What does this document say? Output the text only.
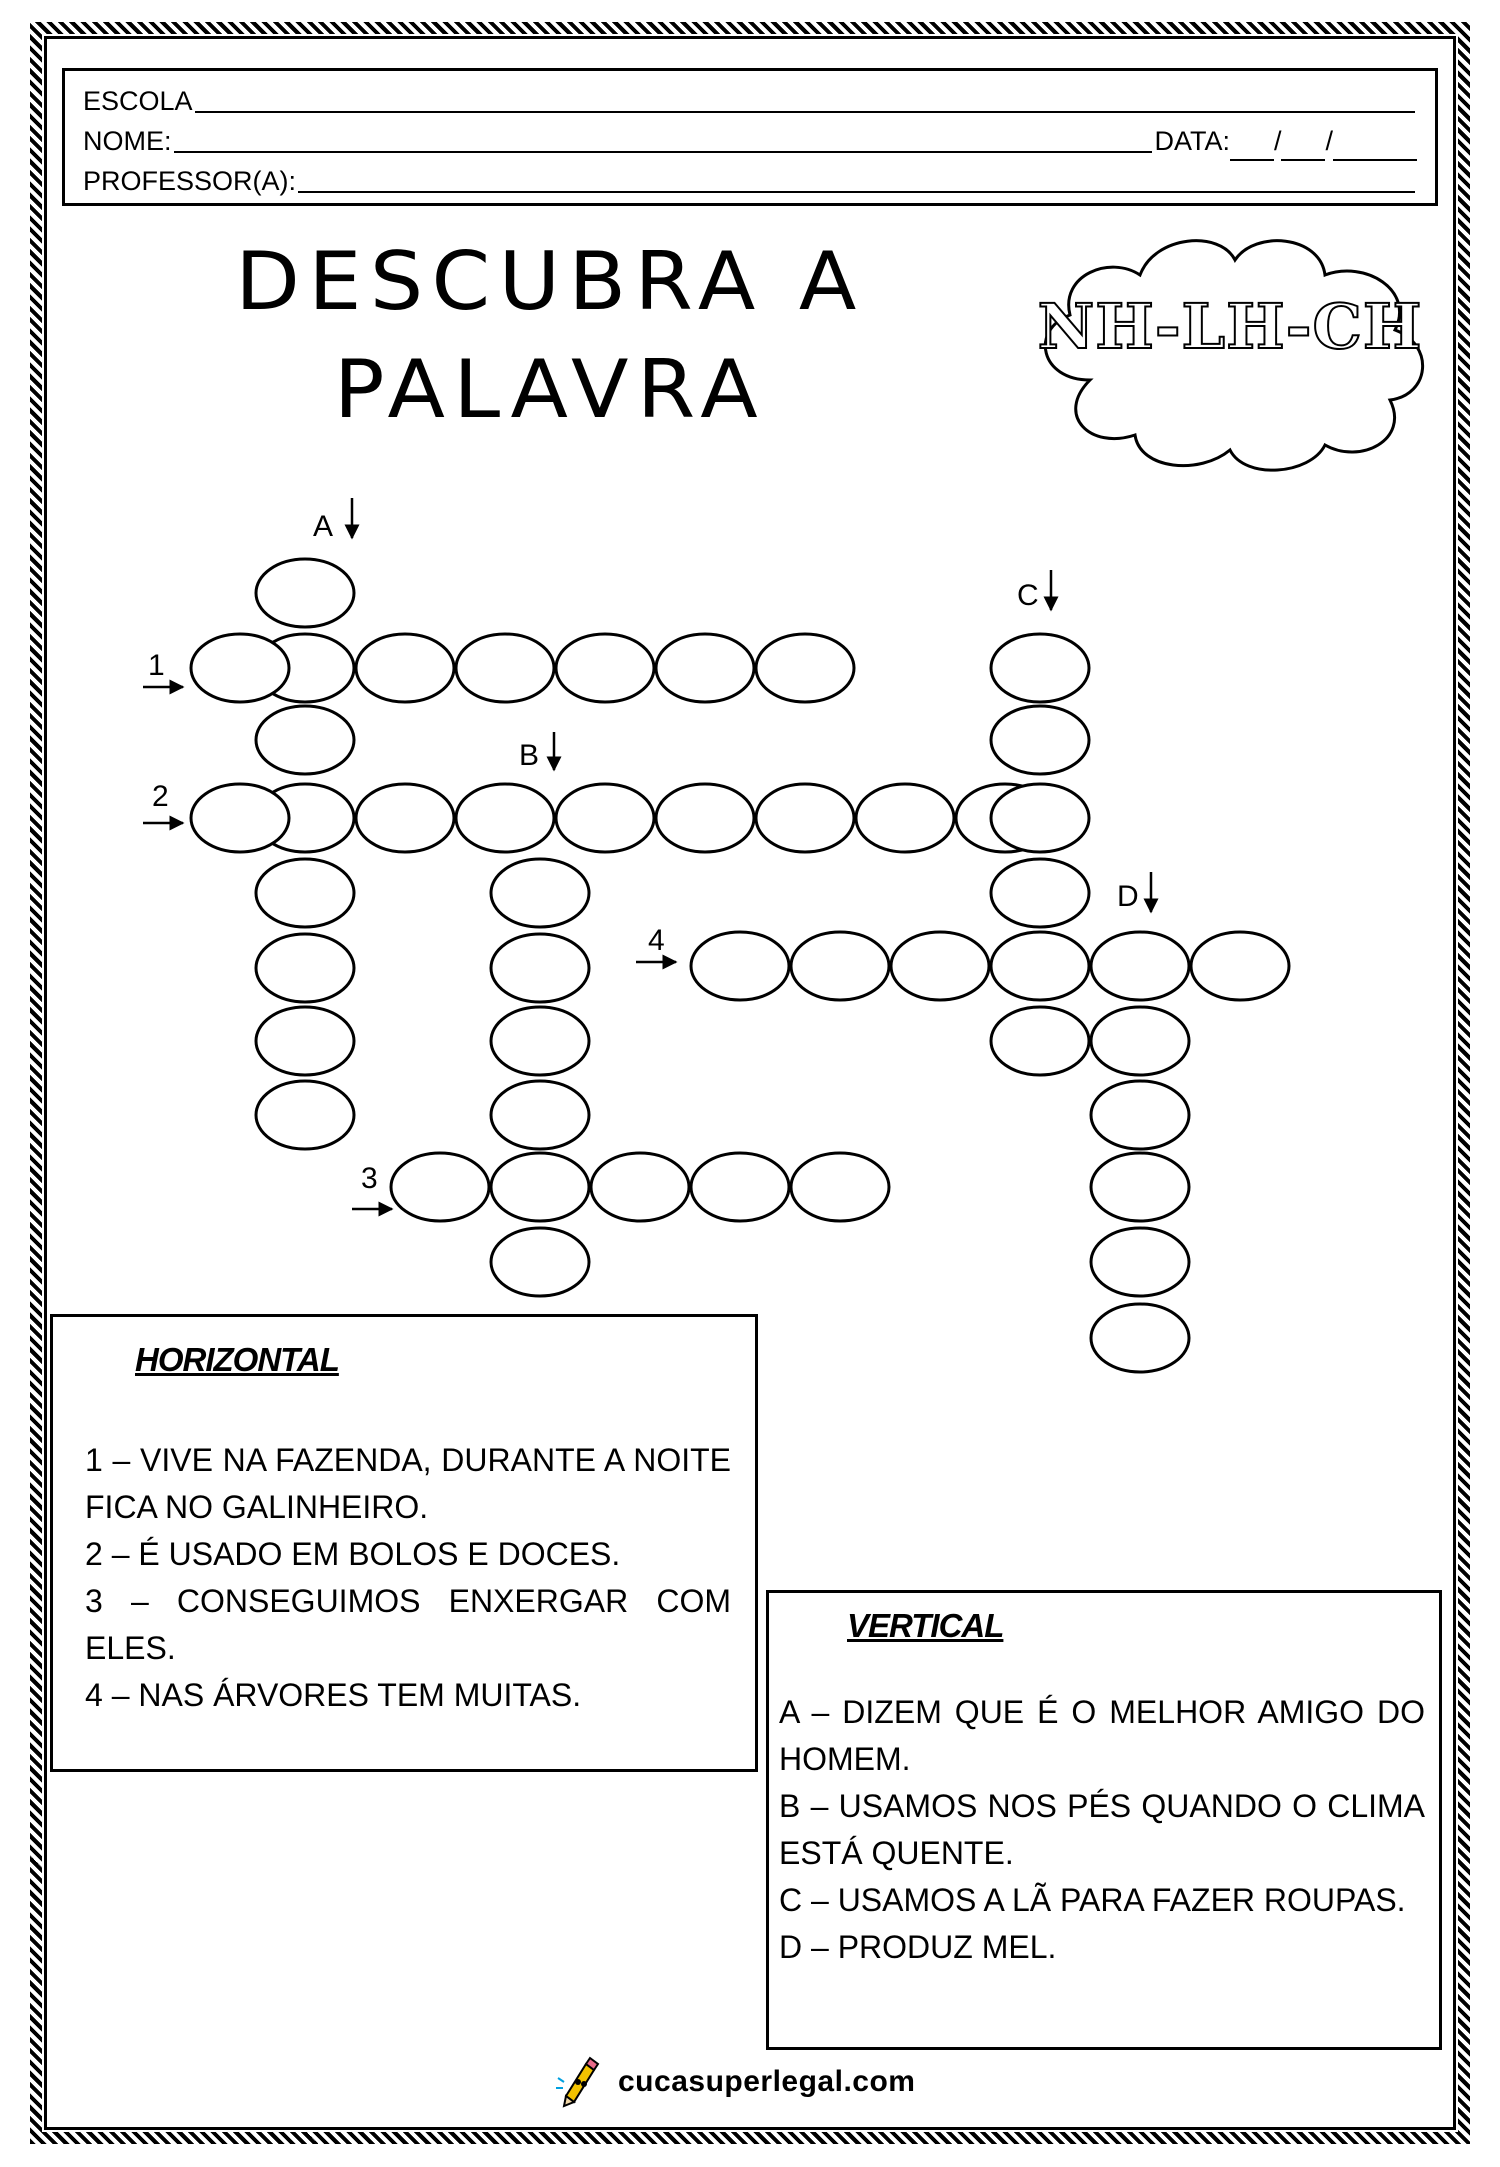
ESCOLA
NOME:	DATA: / /
PROFESSOR(A):
DESCUBRA A
PALAVRA
NH-LH-CH
1
2
3
4
A
B
C
D
HORIZONTAL

1 – VIVE NA FAZENDA, DURANTE A NOITE FICA NO GALINHEIRO.

2 – É USADO EM BOLOS E DOCES.

3 – CONSEGUIMOS ENXERGAR COM ELES.

4 – NAS ÁRVORES TEM MUITAS.

VERTICAL

A – DIZEM QUE É O MELHOR AMIGO DO HOMEM.

B – USAMOS NOS PÉS QUANDO O CLIMA ESTÁ QUENTE.

C – USAMOS A LÃ PARA FAZER ROUPAS.

D – PRODUZ MEL.

cucasuperlegal.com
